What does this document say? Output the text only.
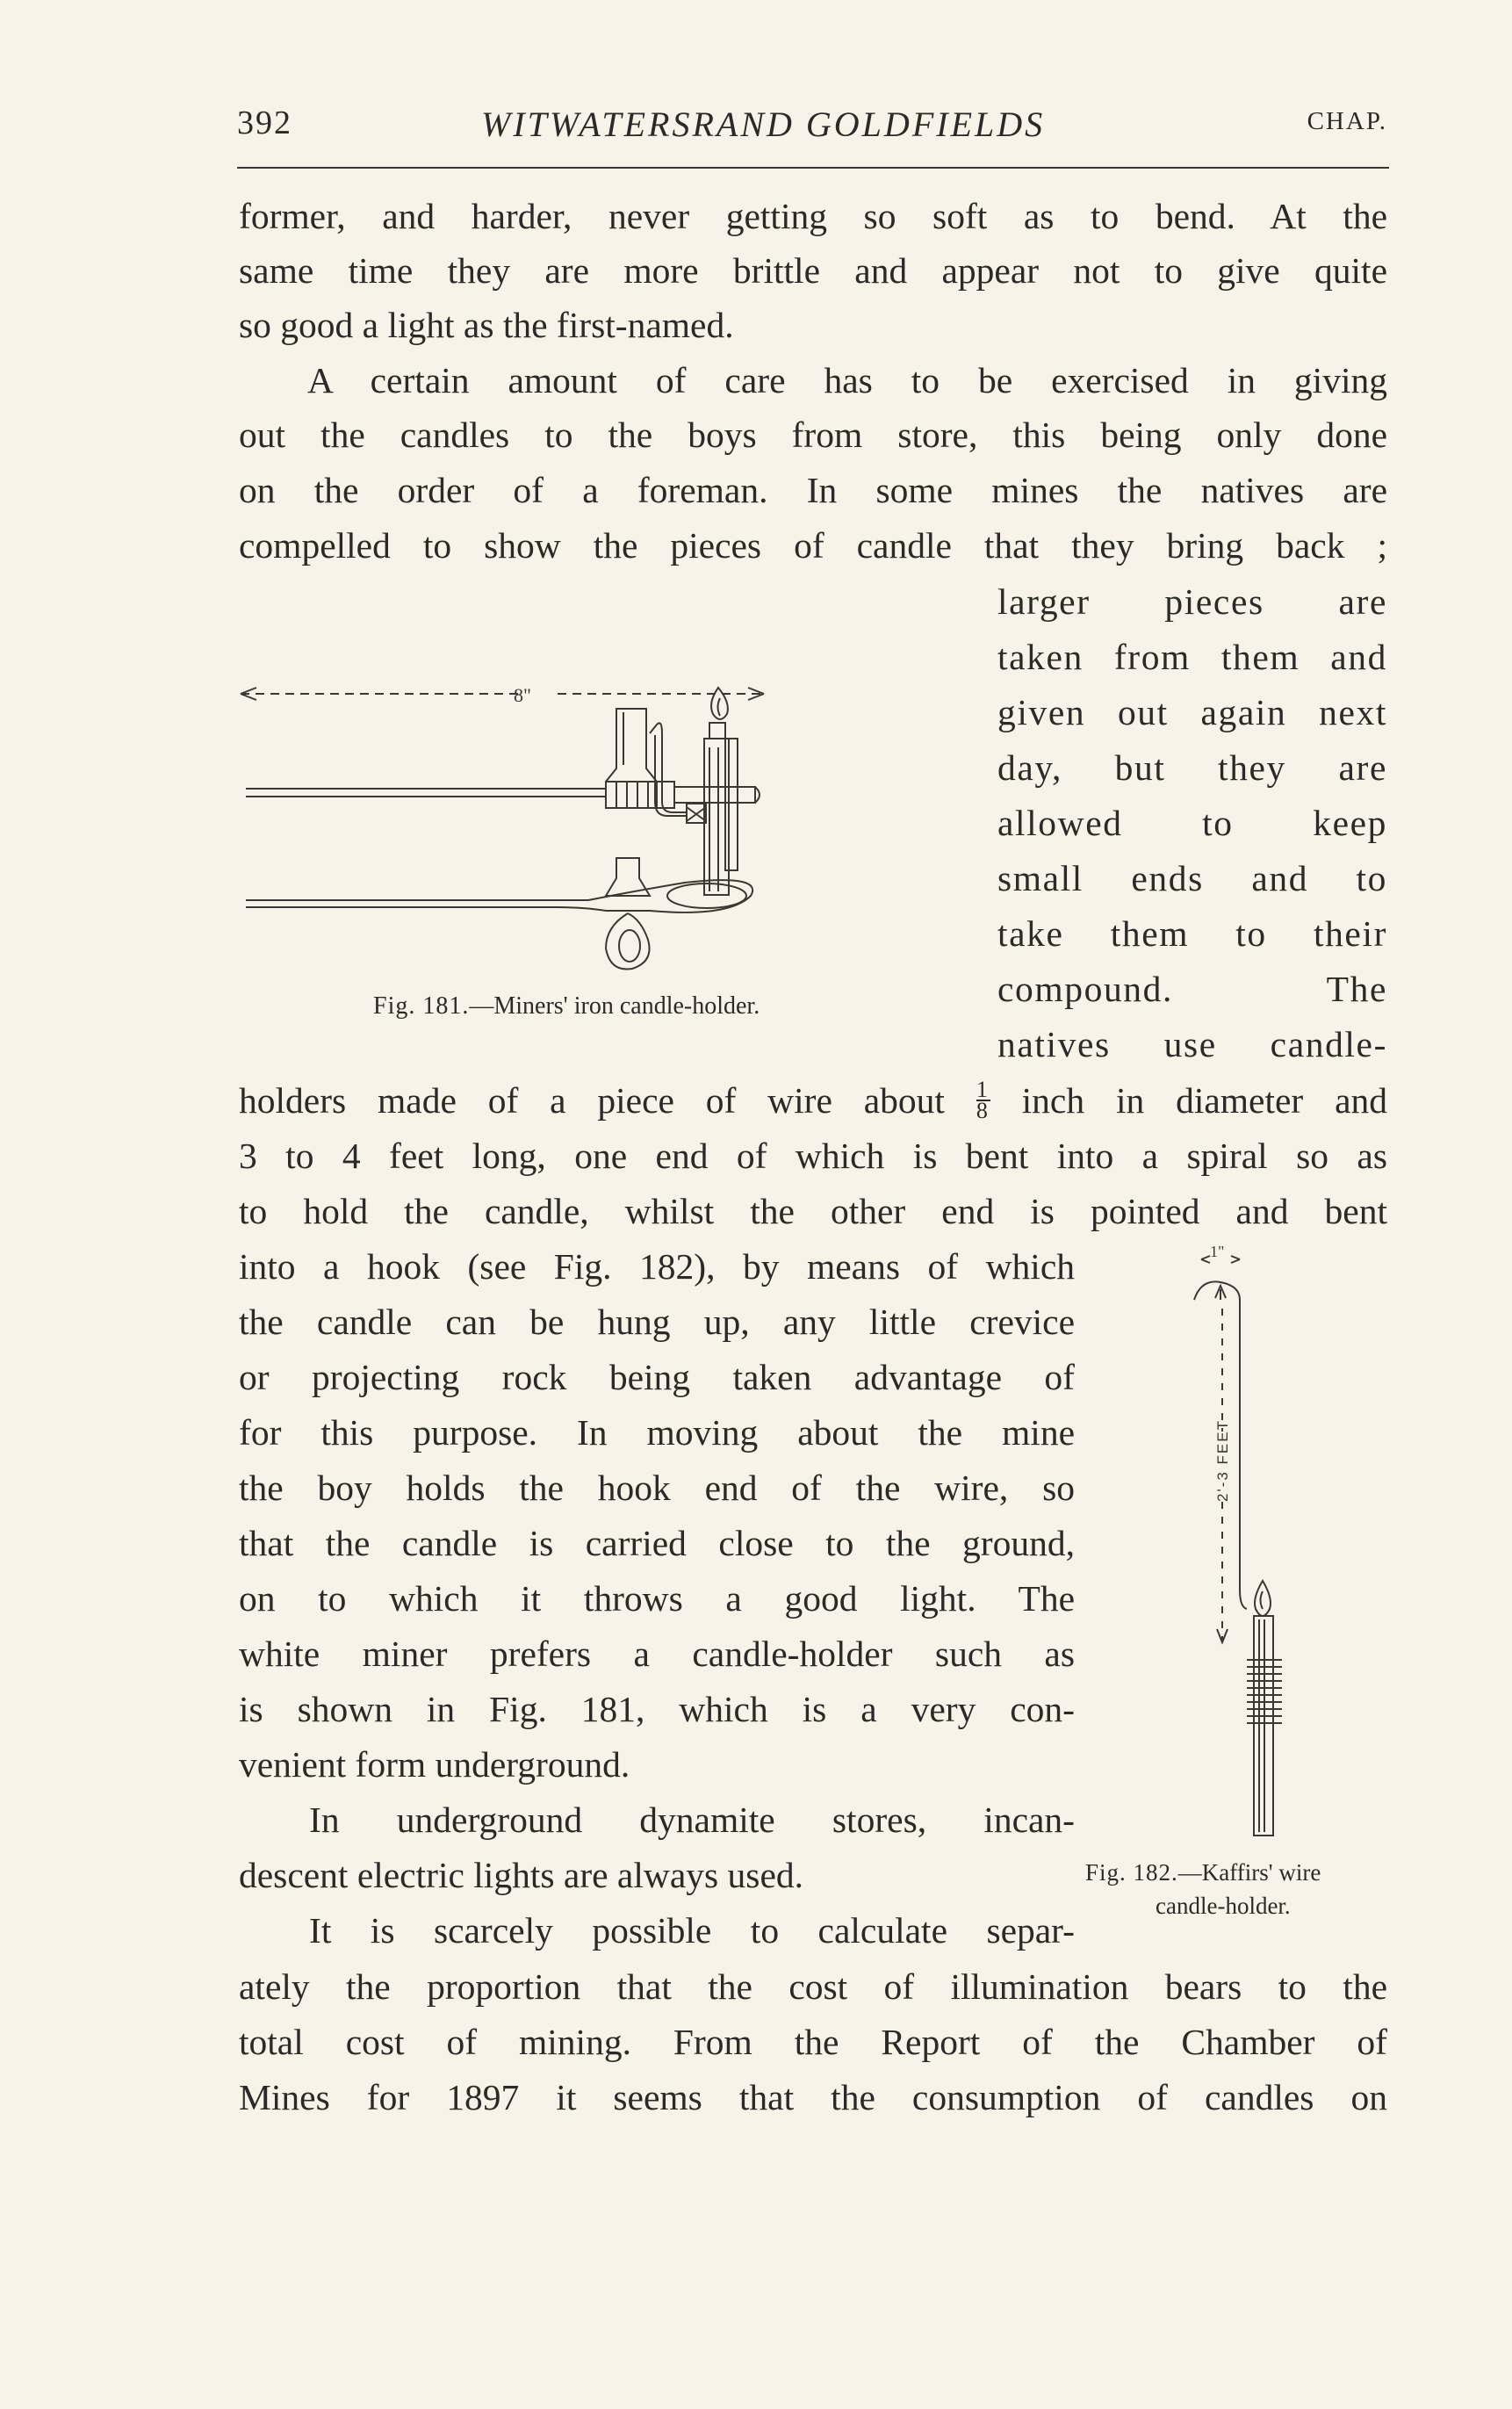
392	WITWATERSRAND GOLDFIELDS	CHAP.
former, and harder, never getting so soft as to bend. At the
same time they are more brittle and appear not to give quite
so good a light as the first-named.
A certain amount of care has to be exercised in giving
out the candles to the boys from store, this being only done
on the order of a foreman. In some mines the natives are
compelled to show the pieces of candle that they bring back ;
larger pieces are
taken from them and
given out again next
day, but they are
allowed to keep
small ends and to
take them to their
compound. The
natives use candle-
holders made of a piece of wire about $\frac{1}{8}$ inch in diameter and
3 to 4 feet long, one end of which is bent into a spiral so as
to hold the candle, whilst the other end is pointed and bent
into a hook (see Fig. 182), by means of which
the candle can be hung up, any little crevice
or projecting rock being taken advantage of
for this purpose. In moving about the mine
the boy holds the hook end of the wire, so
that the candle is carried close to the ground,
on to which it throws a good light. The
white miner prefers a candle-holder such as
is shown in Fig. 181, which is a very con-
venient form underground.
In underground dynamite stores, incan-
descent electric lights are always used.
It is scarcely possible to calculate separ-
ately the proportion that the cost of illumination bears to the
total cost of mining. From the Report of the Chamber of
Mines for 1897 it seems that the consumption of candles on
8"
Fig. 181.—Miners' iron candle-holder.
1"
2'-3 FEET
Fig. 182.—Kaffirs' wire
candle-holder.
